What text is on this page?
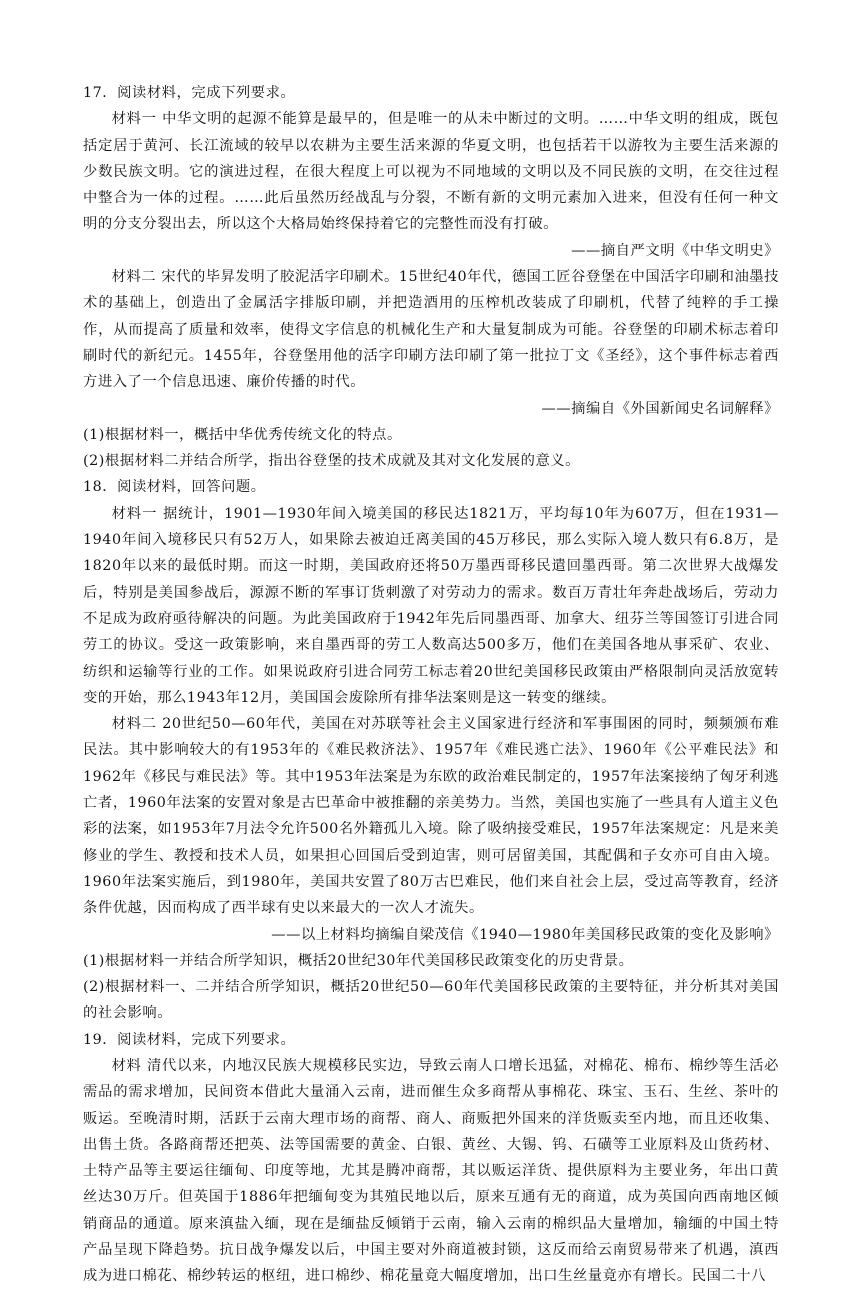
17．阅读材料，完成下列要求。

材料一 中华文明的起源不能算是最早的，但是唯一的从未中断过的文明。……中华文明的组成，既包括定居于黄河、长江流域的较早以农耕为主要生活来源的华夏文明，也包括若干以游牧为主要生活来源的少数民族文明。它的演进过程，在很大程度上可以视为不同地域的文明以及不同民族的文明，在交往过程中整合为一体的过程。……此后虽然历经战乱与分裂，不断有新的文明元素加入进来，但没有任何一种文明的分支分裂出去，所以这个大格局始终保持着它的完整性而没有打破。

——摘自严文明《中华文明史》

材料二 宋代的毕昇发明了胶泥活字印刷术。15世纪40年代，德国工匠谷登堡在中国活字印刷和油墨技术的基础上，创造出了金属活字排版印刷，并把造酒用的压榨机改装成了印刷机，代替了纯粹的手工操作，从而提高了质量和效率，使得文字信息的机械化生产和大量复制成为可能。谷登堡的印刷术标志着印刷时代的新纪元。1455年，谷登堡用他的活字印刷方法印刷了第一批拉丁文《圣经》，这个事件标志着西方进入了一个信息迅速、廉价传播的时代。

——摘编自《外国新闻史名词解释》

(1)根据材料一，概括中华优秀传统文化的特点。

(2)根据材料二并结合所学，指出谷登堡的技术成就及其对文化发展的意义。

18．阅读材料，回答问题。

材料一 据统计，1901—1930年间入境美国的移民达1821万，平均每10年为607万，但在1931—1940年间入境移民只有52万人，如果除去被迫迁离美国的45万移民，那么实际入境人数只有6.8万，是1820年以来的最低时期。而这一时期，美国政府还将50万墨西哥移民遣回墨西哥。第二次世界大战爆发后，特别是美国参战后，源源不断的军事订货刺激了对劳动力的需求。数百万青壮年奔赴战场后，劳动力不足成为政府亟待解决的问题。为此美国政府于1942年先后同墨西哥、加拿大、纽芬兰等国签订引进合同劳工的协议。受这一政策影响，来自墨西哥的劳工人数高达500多万，他们在美国各地从事采矿、农业、纺织和运输等行业的工作。如果说政府引进合同劳工标志着20世纪美国移民政策由严格限制向灵活放宽转变的开始，那么1943年12月，美国国会废除所有排华法案则是这一转变的继续。

材料二 20世纪50—60年代，美国在对苏联等社会主义国家进行经济和军事围困的同时，频频颁布难民法。其中影响较大的有1953年的《难民救济法》、1957年《难民逃亡法》、1960年《公平难民法》和1962年《移民与难民法》等。其中1953年法案是为东欧的政治难民制定的，1957年法案接纳了匈牙利逃亡者，1960年法案的安置对象是古巴革命中被推翻的亲美势力。当然，美国也实施了一些具有人道主义色彩的法案，如1953年7月法令允许500名外籍孤儿入境。除了吸纳接受难民，1957年法案规定：凡是来美修业的学生、教授和技术人员，如果担心回国后受到迫害，则可居留美国，其配偶和子女亦可自由入境。1960年法案实施后，到1980年，美国共安置了80万古巴难民，他们来自社会上层，受过高等教育，经济条件优越，因而构成了西半球有史以来最大的一次人才流失。

——以上材料均摘编自梁茂信《1940—1980年美国移民政策的变化及影响》

(1)根据材料一并结合所学知识，概括20世纪30年代美国移民政策变化的历史背景。

(2)根据材料一、二并结合所学知识，概括20世纪50—60年代美国移民政策的主要特征，并分析其对美国的社会影响。

19．阅读材料，完成下列要求。

材料 清代以来，内地汉民族大规模移民实边，导致云南人口增长迅猛，对棉花、棉布、棉纱等生活必需品的需求增加，民间资本借此大量涌入云南，进而催生众多商帮从事棉花、珠宝、玉石、生丝、茶叶的贩运。至晚清时期，活跃于云南大理市场的商帮、商人、商贩把外国来的洋货贩卖至内地，而且还收集、出售土货。各路商帮还把英、法等国需要的黄金、白银、黄丝、大锡、钨、石磺等工业原料及山货药材、土特产品等主要运往缅甸、印度等地，尤其是腾冲商帮，其以贩运洋货、提供原料为主要业务，年出口黄丝达30万斤。但英国于1886年把缅甸变为其殖民地以后，原来互通有无的商道，成为英国向西南地区倾销商品的通道。原来滇盐入缅，现在是缅盐反倾销于云南，输入云南的棉织品大量增加，输缅的中国土特产品呈现下降趋势。抗日战争爆发以后，中国主要对外商道被封锁，这反而给云南贸易带来了机遇，滇西成为进口棉花、棉纱转运的枢纽，进口棉纱、棉花量竟大幅度增加，出口生丝量竟亦有增长。民国二十八
